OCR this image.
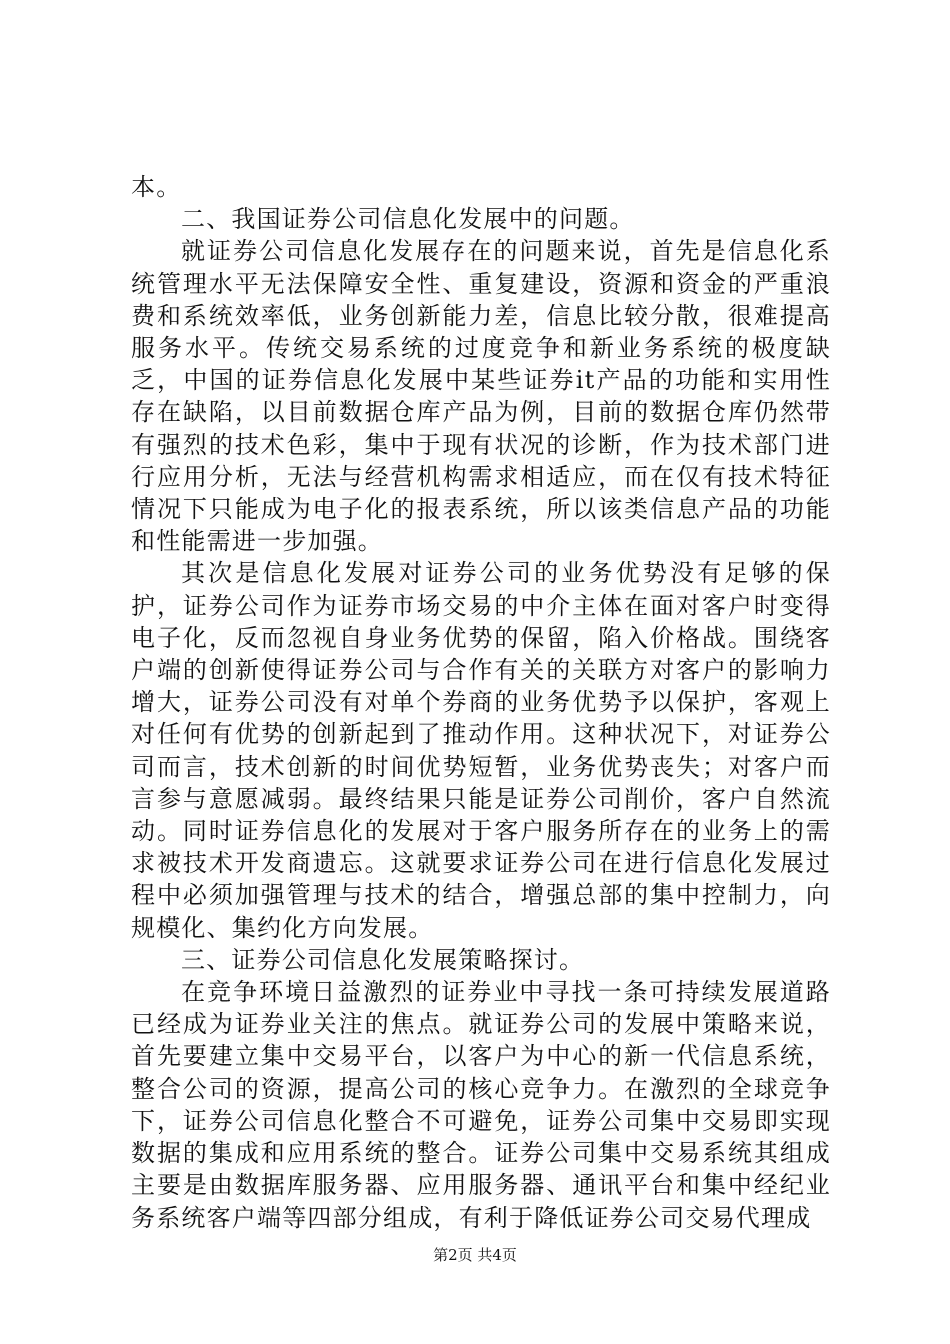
本。

二、我国证券公司信息化发展中的问题。

就证券公司信息化发展存在的问题来说，首先是信息化系统管理水平无法保障安全性、重复建设，资源和资金的严重浪费和系统效率低，业务创新能力差，信息比较分散，很难提高服务水平。传统交易系统的过度竞争和新业务系统的极度缺乏，中国的证券信息化发展中某些证券it产品的功能和实用性存在缺陷，以目前数据仓库产品为例，目前的数据仓库仍然带有强烈的技术色彩，集中于现有状况的诊断，作为技术部门进行应用分析，无法与经营机构需求相适应，而在仅有技术特征情况下只能成为电子化的报表系统，所以该类信息产品的功能和性能需进一步加强。

其次是信息化发展对证券公司的业务优势没有足够的保护，证券公司作为证券市场交易的中介主体在面对客户时变得电子化，反而忽视自身业务优势的保留，陷入价格战。围绕客户端的创新使得证券公司与合作有关的关联方对客户的影响力增大，证券公司没有对单个券商的业务优势予以保护，客观上对任何有优势的创新起到了推动作用。这种状况下，对证券公司而言，技术创新的时间优势短暂，业务优势丧失；对客户而言参与意愿减弱。最终结果只能是证券公司削价，客户自然流动。同时证券信息化的发展对于客户服务所存在的业务上的需求被技术开发商遗忘。这就要求证券公司在进行信息化发展过程中必须加强管理与技术的结合，增强总部的集中控制力，向规模化、集约化方向发展。

三、证券公司信息化发展策略探讨。

在竞争环境日益激烈的证券业中寻找一条可持续发展道路已经成为证券业关注的焦点。就证券公司的发展中策略来说，首先要建立集中交易平台，以客户为中心的新一代信息系统，整合公司的资源，提高公司的核心竞争力。在激烈的全球竞争下，证券公司信息化整合不可避免，证券公司集中交易即实现数据的集成和应用系统的整合。证券公司集中交易系统其组成主要是由数据库服务器、应用服务器、通讯平台和集中经纪业务系统客户端等四部分组成，有利于降低证券公司交易代理成

第2页 共4页
